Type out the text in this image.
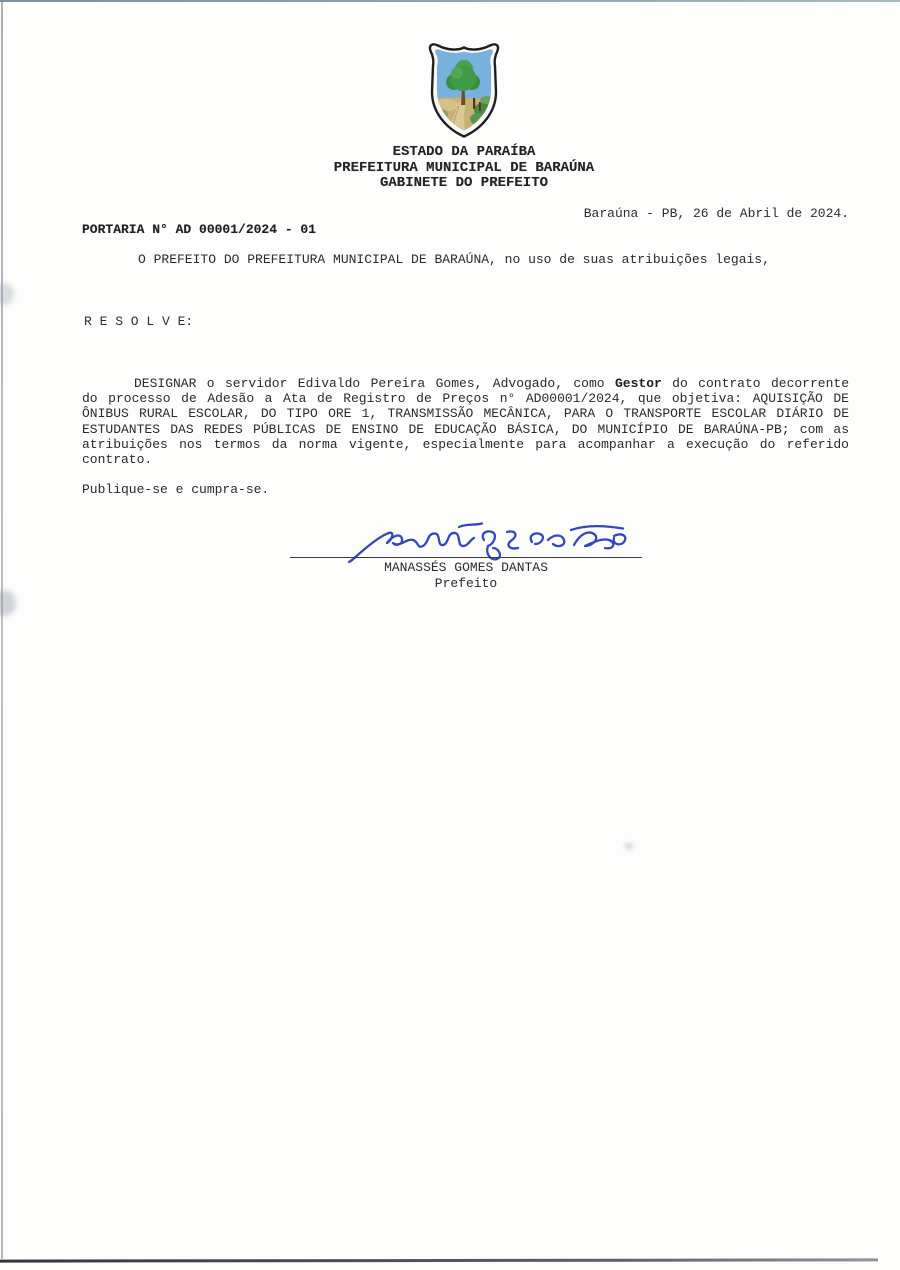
ESTADO DA PARAÍBA
PREFEITURA MUNICIPAL DE BARAÚNA
GABINETE DO PREFEITO
Baraúna - PB, 26 de Abril de 2024.
PORTARIA N° AD 00001/2024 - 01
O PREFEITO DO PREFEITURA MUNICIPAL DE BARAÚNA, no uso de suas atribuições legais,
R E S O L V E:
DESIGNAR o servidor Edivaldo Pereira Gomes, Advogado, como Gestor do contrato decorrente
do processo de Adesão a Ata de Registro de Preços n° AD00001/2024, que objetiva: AQUISIÇÃO DE
ÔNIBUS RURAL ESCOLAR, DO TIPO ORE 1, TRANSMISSÃO MECÂNICA, PARA O TRANSPORTE ESCOLAR DIÁRIO DE
ESTUDANTES DAS REDES PÚBLICAS DE ENSINO DE EDUCAÇÃO BÁSICA, DO MUNICÍPIO DE BARAÚNA-PB; com as
atribuições nos termos da norma vigente, especialmente para acompanhar a execução do referido
contrato.
Publique-se e cumpra-se.
MANASSÉS GOMES DANTAS
Prefeito
